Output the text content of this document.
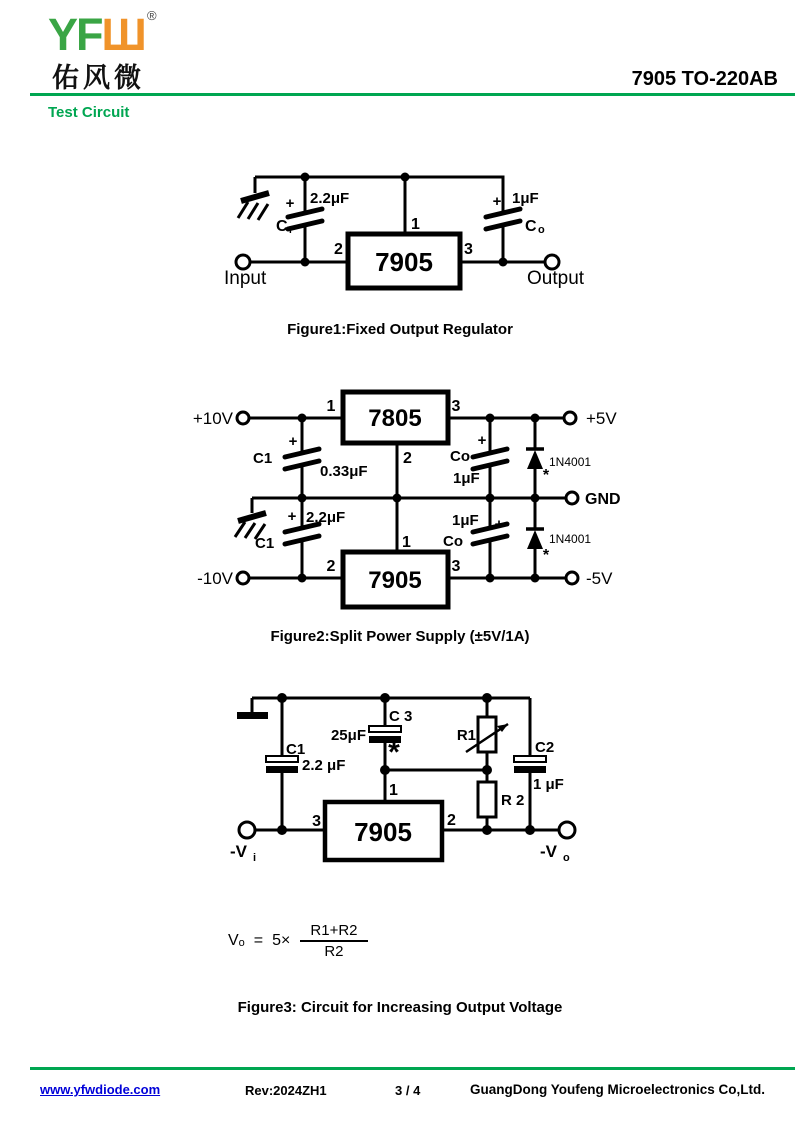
YFШ ®
佑风微	7905 TO-220AB
Test Circuit
+ 2.2μF
C I	1
7905
2	3
Input	Output
+ 1μF
C o
Figure1:Fixed Output Regulator
+10V	7805
1	3
+5V
+
C1
0.33μF
2	Co
+
1μF
1N4001
*
GND
+ 2.2μF
C1	1
7905
2	3
-10V	-5V
1μF
Co
+
1N4001
*
Figure2:Split Power Supply (±5V/1A)
C1
2.2 μF
C 3
25μF
*
1
R1
R 2
C2
1 μF
7905
3	2
-V i	-V o
$V_o = 5\times \frac{R1+R2}{R2}$
Figure3: Circuit for Increasing Output Voltage
www.yfwdiode.com	Rev:2024ZH1	3 / 4	GuangDong Youfeng Microelectronics Co,Ltd.
